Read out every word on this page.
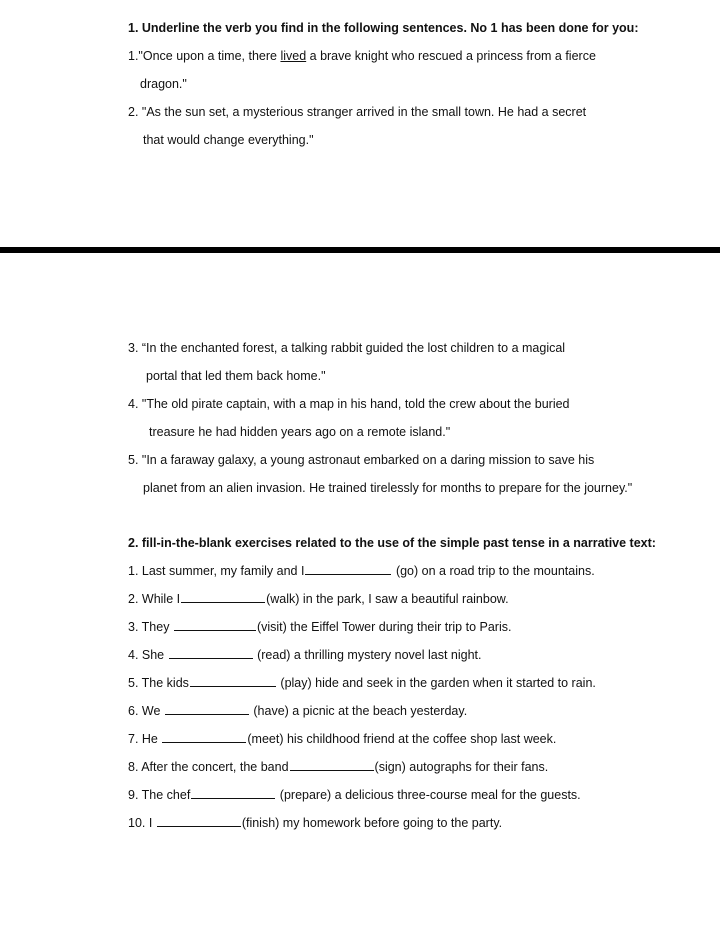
1. Underline the verb you find in the following sentences. No 1 has been done for you:
1."Once upon a time, there lived a brave knight who rescued a princess from a fierce
dragon."
2. "As the sun set, a mysterious stranger arrived in the small town. He had a secret
that would change everything."
3. “In the enchanted forest, a talking rabbit guided the lost children to a magical
portal that led them back home."
4. "The old pirate captain, with a map in his hand, told the crew about the buried
treasure he had hidden years ago on a remote island."
5. "In a faraway galaxy, a young astronaut embarked on a daring mission to save his
planet from an alien invasion. He trained tirelessly for months to prepare for the journey."
2. fill-in-the-blank exercises related to the use of the simple past tense in a narrative text:
1. Last summer, my family and I	(go) on a road trip to the mountains.
2. While I	(walk) in the park, I saw a beautiful rainbow.
3. They	(visit) the Eiffel Tower during their trip to Paris.
4. She	(read) a thrilling mystery novel last night.
5. The kids	(play) hide and seek in the garden when it started to rain.
6. We	(have) a picnic at the beach yesterday.
7. He	(meet) his childhood friend at the coffee shop last week.
8. After the concert, the band	(sign) autographs for their fans.
9. The chef	(prepare) a delicious three-course meal for the guests.
10. I	(finish) my homework before going to the party.
